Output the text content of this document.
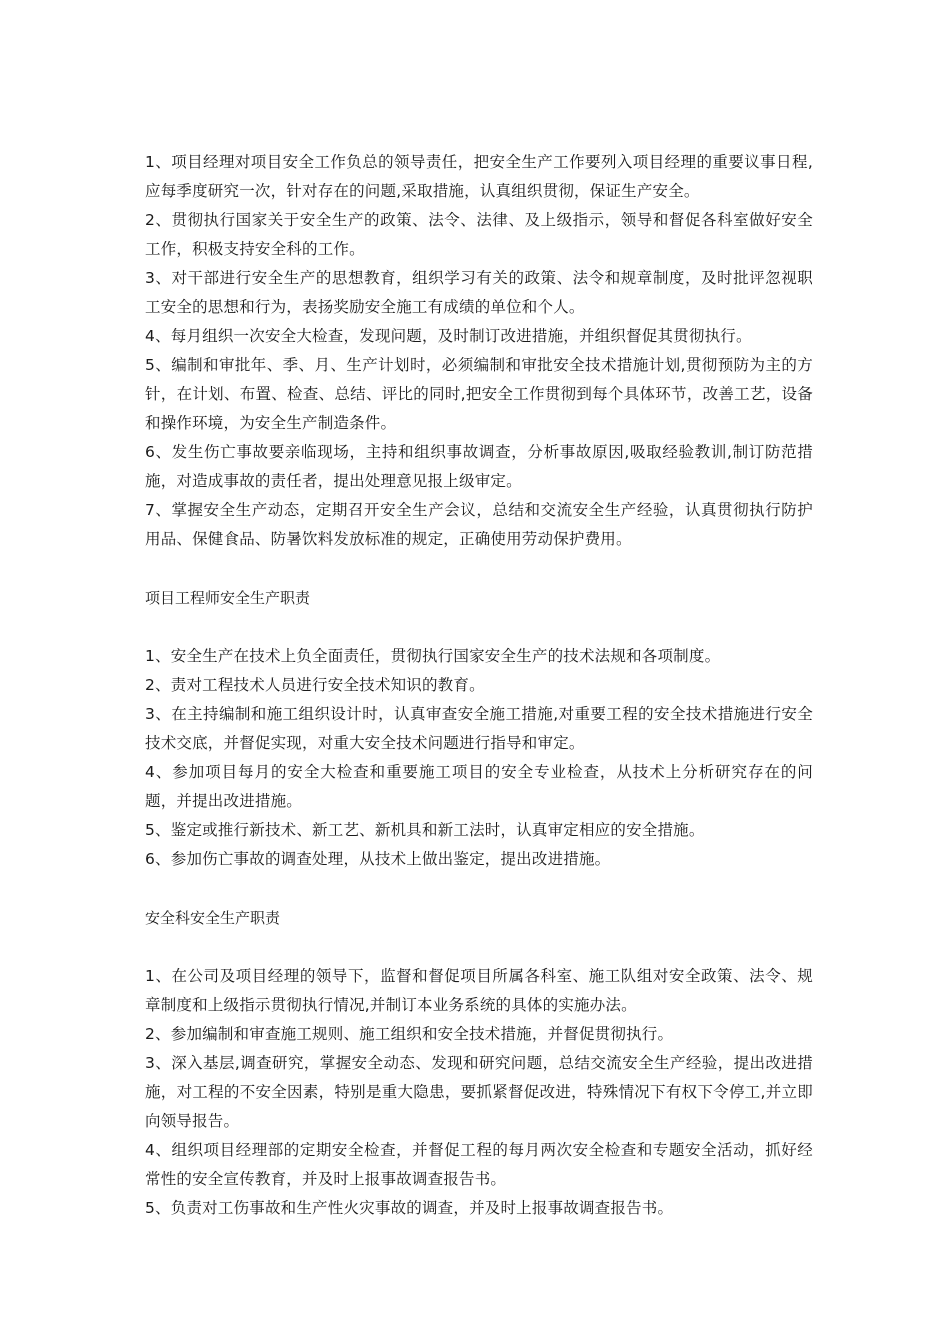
1、项目经理对项目安全工作负总的领导责任，把安全生产工作要列入项目经理的重要议事日程,应每季度研究一次，针对存在的问题,采取措施，认真组织贯彻，保证生产安全。

2、贯彻执行国家关于安全生产的政策、法令、法律、及上级指示，领导和督促各科室做好安全工作，积极支持安全科的工作。

3、对干部进行安全生产的思想教育，组织学习有关的政策、法令和规章制度，及时批评忽视职工安全的思想和行为，表扬奖励安全施工有成绩的单位和个人。

4、每月组织一次安全大检查，发现问题，及时制订改进措施，并组织督促其贯彻执行。

5、编制和审批年、季、月、生产计划时，必须编制和审批安全技术措施计划,贯彻预防为主的方针，在计划、布置、检查、总结、评比的同时,把安全工作贯彻到每个具体环节，改善工艺，设备和操作环境，为安全生产制造条件。

6、发生伤亡事故要亲临现场，主持和组织事故调查，分析事故原因,吸取经验教训,制订防范措施，对造成事故的责任者，提出处理意见报上级审定。

7、掌握安全生产动态，定期召开安全生产会议，总结和交流安全生产经验，认真贯彻执行防护用品、保健食品、防暑饮料发放标准的规定，正确使用劳动保护费用。

项目工程师安全生产职责

1、安全生产在技术上负全面责任，贯彻执行国家安全生产的技术法规和各项制度。

2、责对工程技术人员进行安全技术知识的教育。

3、在主持编制和施工组织设计时，认真审查安全施工措施,对重要工程的安全技术措施进行安全技术交底，并督促实现，对重大安全技术问题进行指导和审定。

4、参加项目每月的安全大检查和重要施工项目的安全专业检查，从技术上分析研究存在的问题，并提出改进措施。

5、鉴定或推行新技术、新工艺、新机具和新工法时，认真审定相应的安全措施。

6、参加伤亡事故的调查处理，从技术上做出鉴定，提出改进措施。

安全科安全生产职责

1、在公司及项目经理的领导下，监督和督促项目所属各科室、施工队组对安全政策、法令、规章制度和上级指示贯彻执行情况,并制订本业务系统的具体的实施办法。

2、参加编制和审查施工规则、施工组织和安全技术措施，并督促贯彻执行。

3、深入基层,调查研究，掌握安全动态、发现和研究问题，总结交流安全生产经验，提出改进措施，对工程的不安全因素，特别是重大隐患，要抓紧督促改进，特殊情况下有权下令停工,并立即向领导报告。

4、组织项目经理部的定期安全检查，并督促工程的每月两次安全检查和专题安全活动，抓好经常性的安全宣传教育，并及时上报事故调查报告书。

5、负责对工伤事故和生产性火灾事故的调查，并及时上报事故调查报告书。
